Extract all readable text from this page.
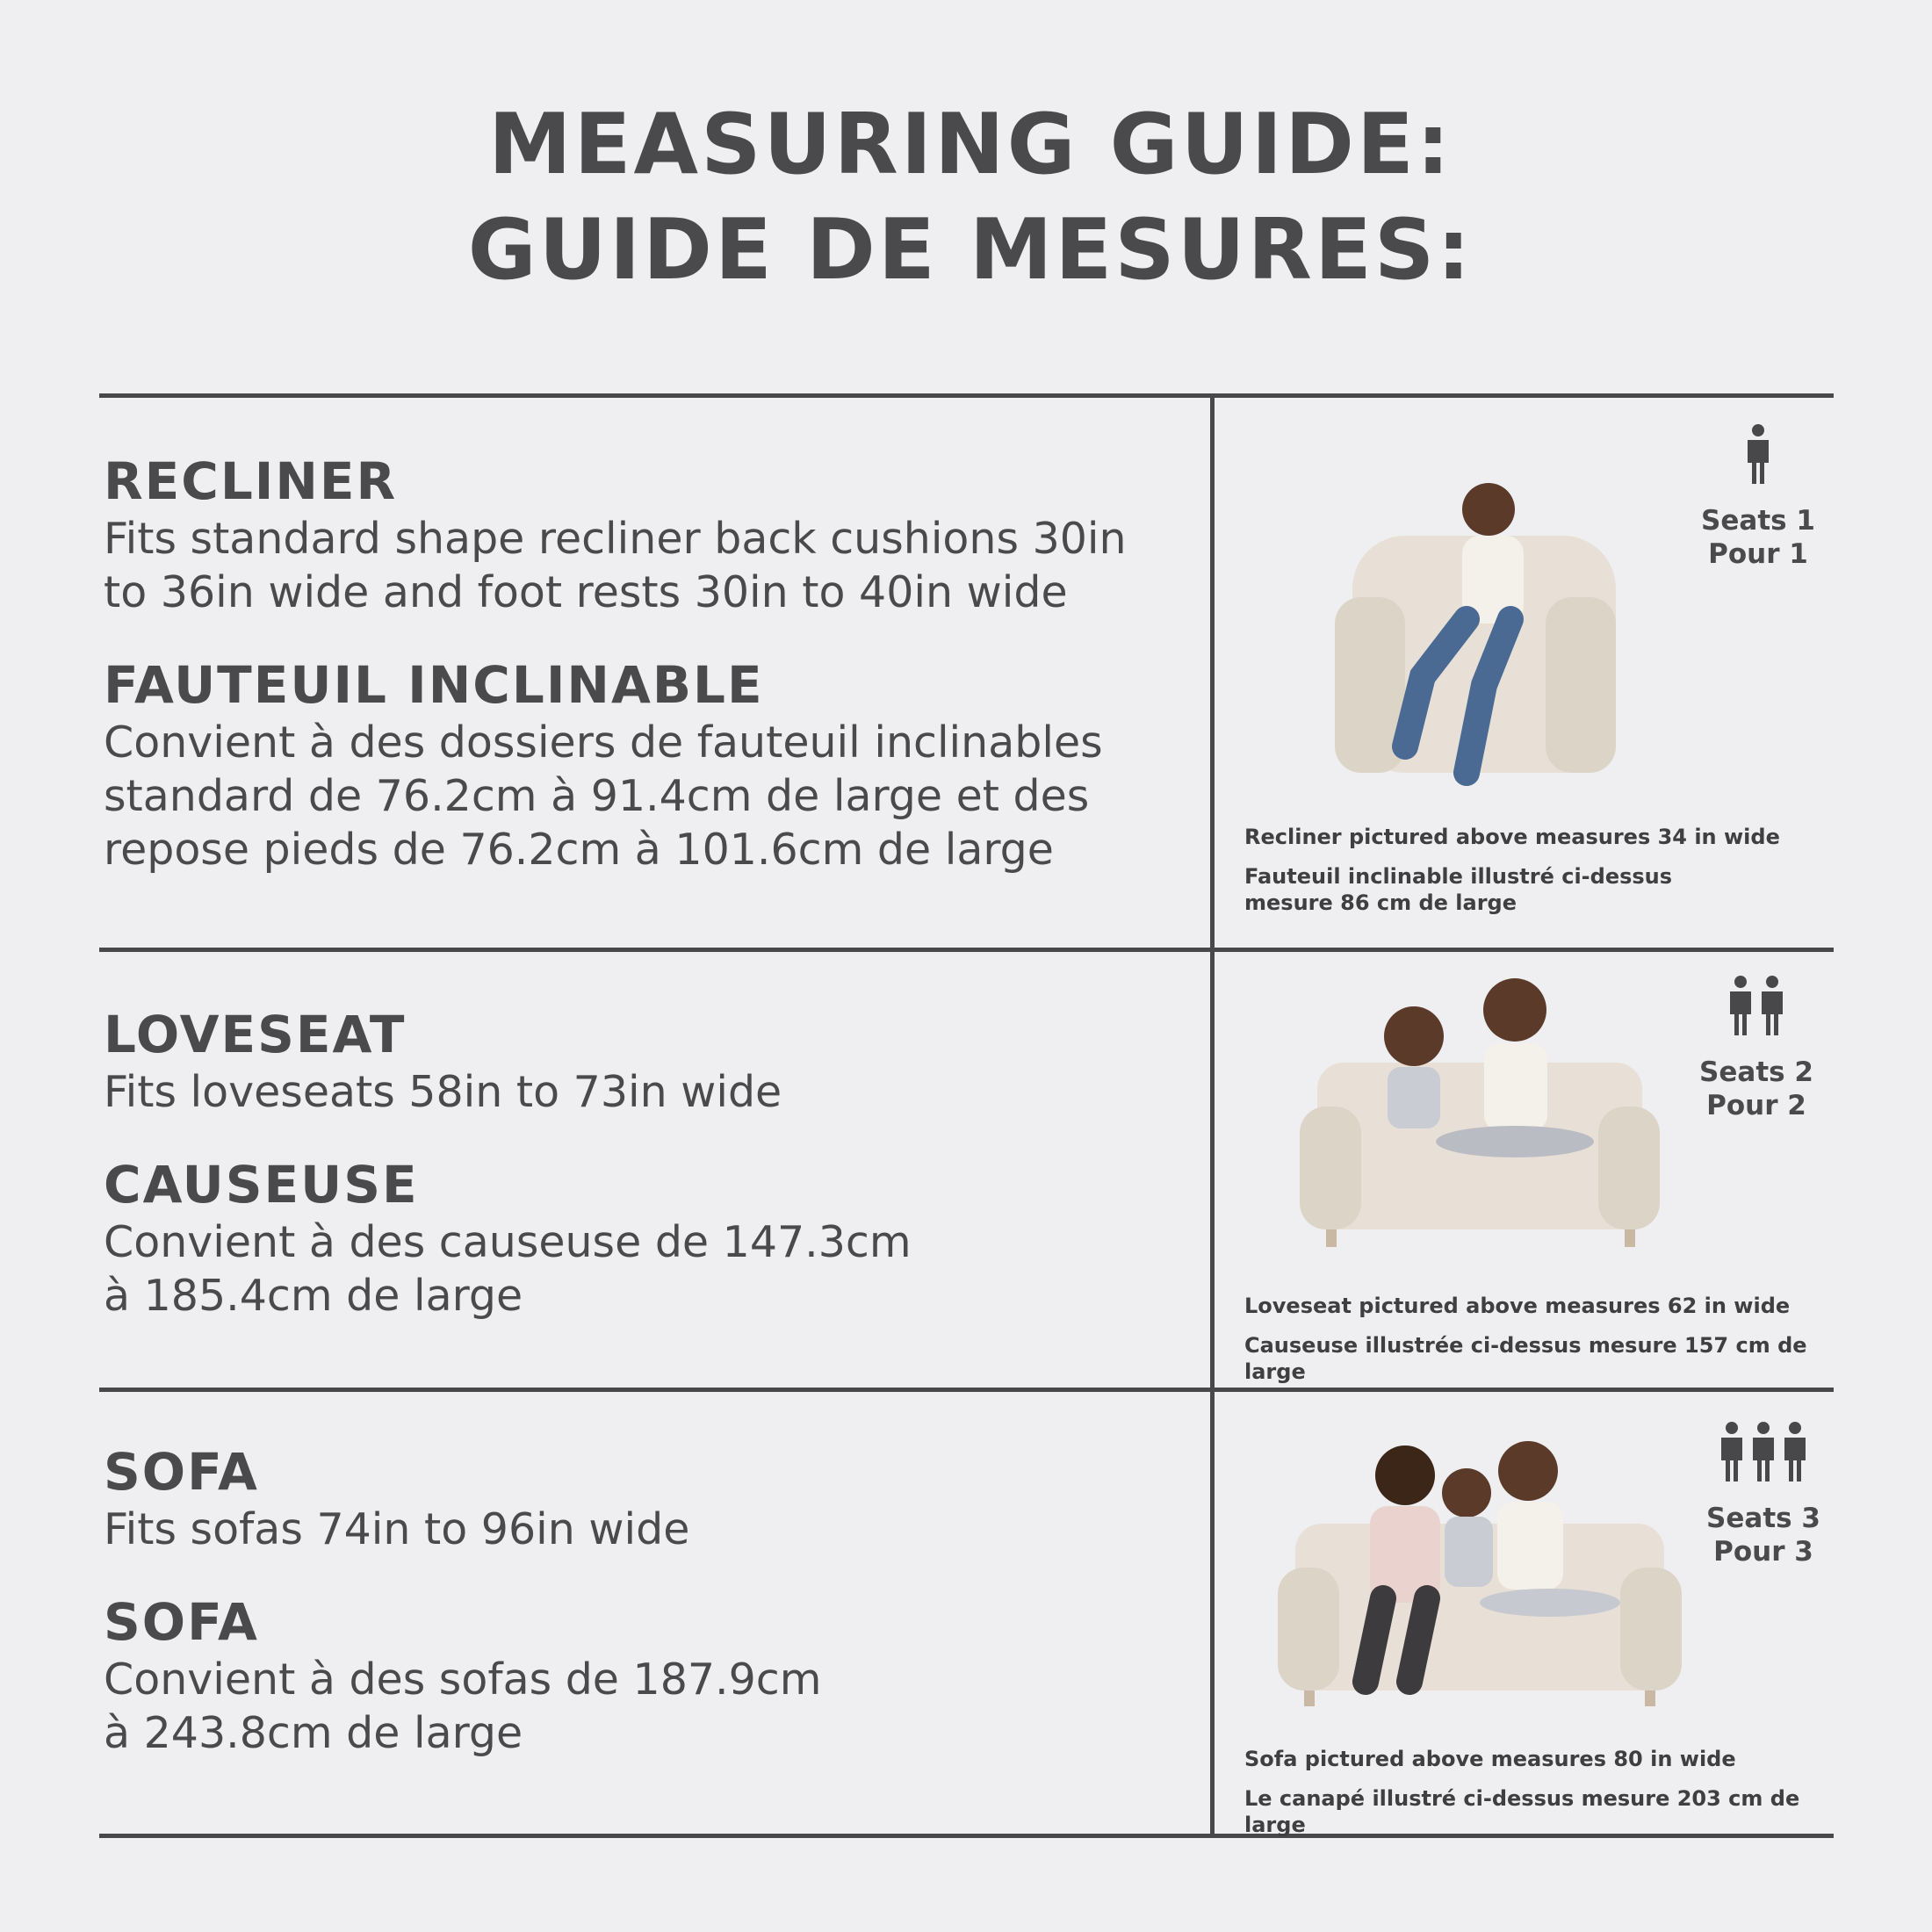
MEASURING GUIDE:
GUIDE DE MESURES:
RECLINER
Fits standard shape recliner back cushions 30in
to 36in wide and foot rests 30in to 40in wide
FAUTEUIL INCLINABLE
Convient à des dossiers de fauteuil inclinables
standard de 76.2cm à 91.4cm de large et des
repose pieds de 76.2cm à 101.6cm de large
Seats 1
Pour 1
Recliner pictured above measures 34 in wide
Fauteuil inclinable illustré ci-dessus
mesure 86 cm de large
LOVESEAT
Fits loveseats 58in to 73in wide
CAUSEUSE
Convient à des causeuse de 147.3cm
à 185.4cm de large
Seats 2
Pour 2
Loveseat pictured above measures 62 in wide
Causeuse illustrée ci-dessus mesure 157 cm de large
SOFA
Fits sofas 74in to 96in wide
SOFA
Convient à des sofas de 187.9cm
à 243.8cm de large
Seats 3
Pour 3
Sofa pictured above measures 80 in wide
Le canapé illustré ci-dessus mesure 203 cm de large
